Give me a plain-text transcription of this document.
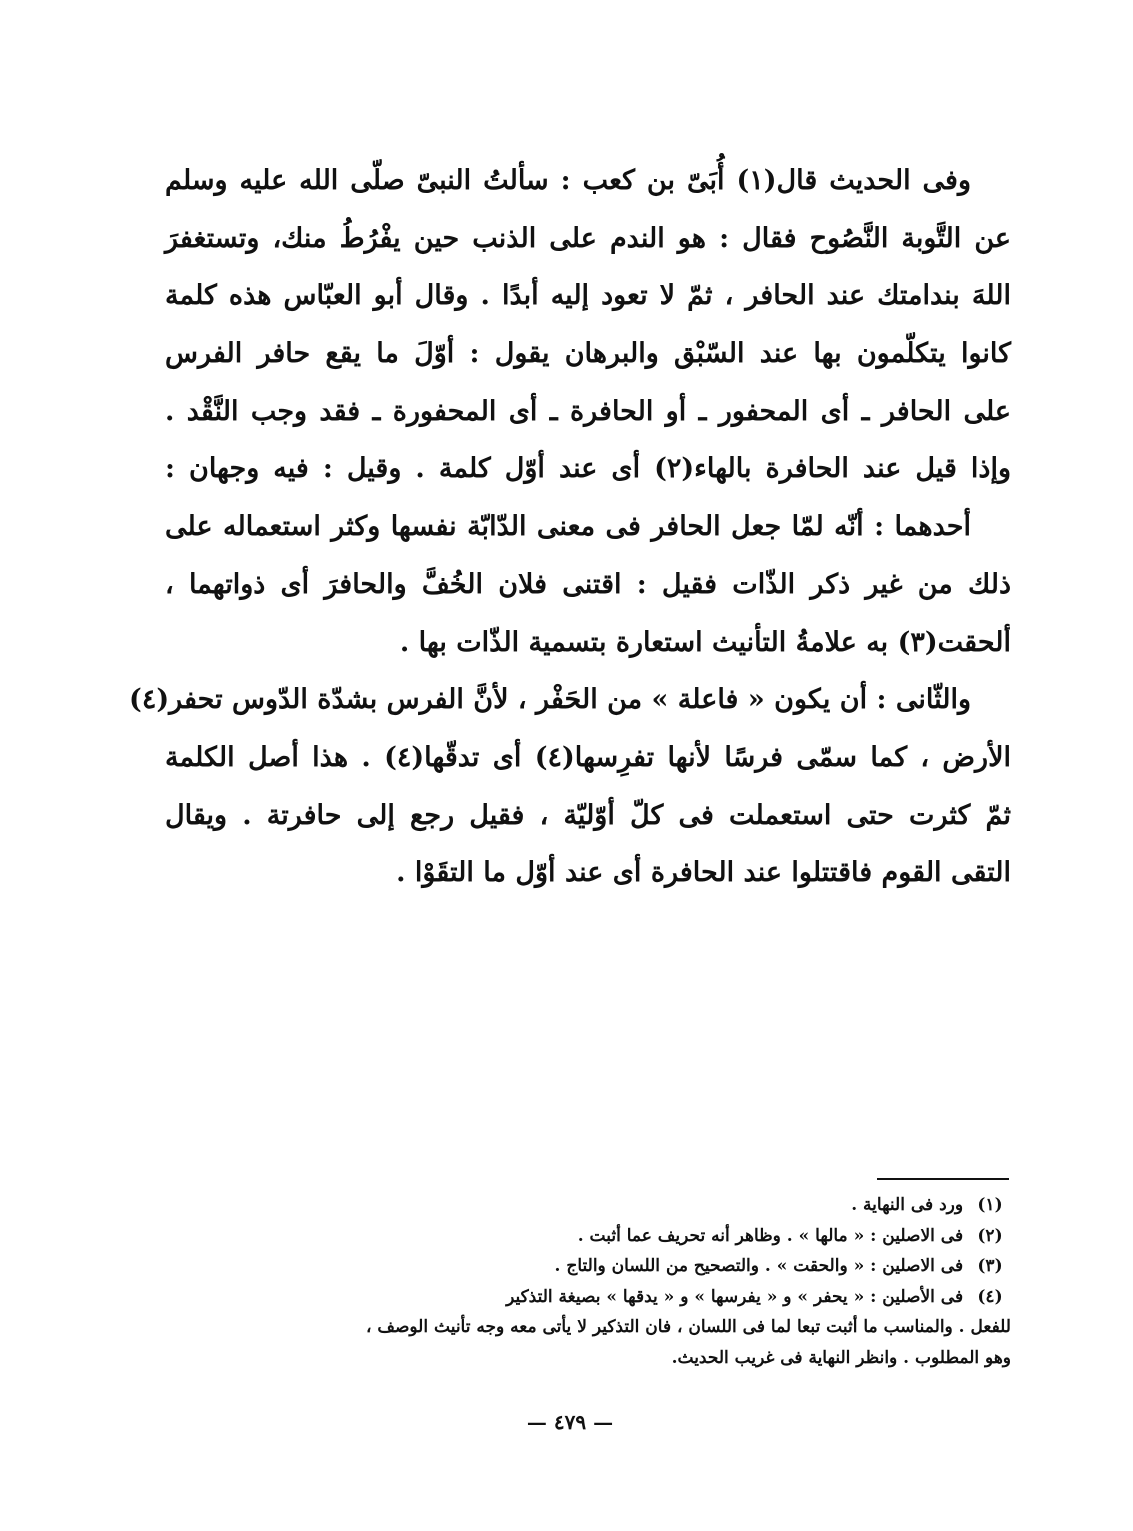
وفى الحديث قال(١) أُبَىّ بن كعب : سألتُ النبىّ صلّى الله عليه وسلم
عن التَّوبة النَّصُوح فقال : هو الندم على الذنب حين يفْرُطُ منك، وتستغفرَ
اللهَ بندامتك عند الحافر ، ثمّ لا تعود إليه أبدًا . وقال أبو العبّاس هذه كلمة
كانوا يتكلّمون بها عند السّبْق والبرهان يقول : أوّلَ ما يقع حافر الفرس
على الحافر ـ أى المحفور ـ أو الحافرة ـ أى المحفورة ـ فقد وجب النَّقْد .
وإذا قيل عند الحافرة بالهاء(٢) أى عند أوّل كلمة . وقيل : فيه وجهان :
أحدهما : أنّه لمّا جعل الحافر فى معنى الدّابّة نفسها وكثر استعماله على
ذلك من غير ذكر الذّات فقيل : اقتنى فلان الخُفَّ والحافرَ أى ذواتهما ،
ألحقت(٣) به علامةُ التأنيث استعارة بتسمية الذّات بها .
والثّانى : أن يكون « فاعلة » من الحَفْر ، لأنَّ الفرس بشدّة الدّوس تحفر(٤)
الأرض ، كما سمّى فرسًا لأنها تفرِسها(٤) أى تدقّها(٤) . هذا أصل الكلمة
ثمّ كثرت حتى استعملت فى كلّ أوّليّة ، فقيل رجع إلى حافرتة . ويقال
التقى القوم فاقتتلوا عند الحافرة أى عند أوّل ما التقَوْا .
(١) ورد فى النهاية .
(٢) فى الاصلين : « مالها » . وظاهر أنه تحريف عما أثبت .
(٣) فى الاصلين : « والحقت » . والتصحيح من اللسان والتاج .
(٤) فى الأصلين : « يحفر » و « يفرسها » و « يدقها » بصيغة التذكير
للفعل . والمناسب ما أثبت تبعا لما فى اللسان ، فان التذكير لا يأتى معه وجه تأنيث الوصف ،
وهو المطلوب . وانظر النهاية فى غريب الحديث.
— ٤٧٩ —
